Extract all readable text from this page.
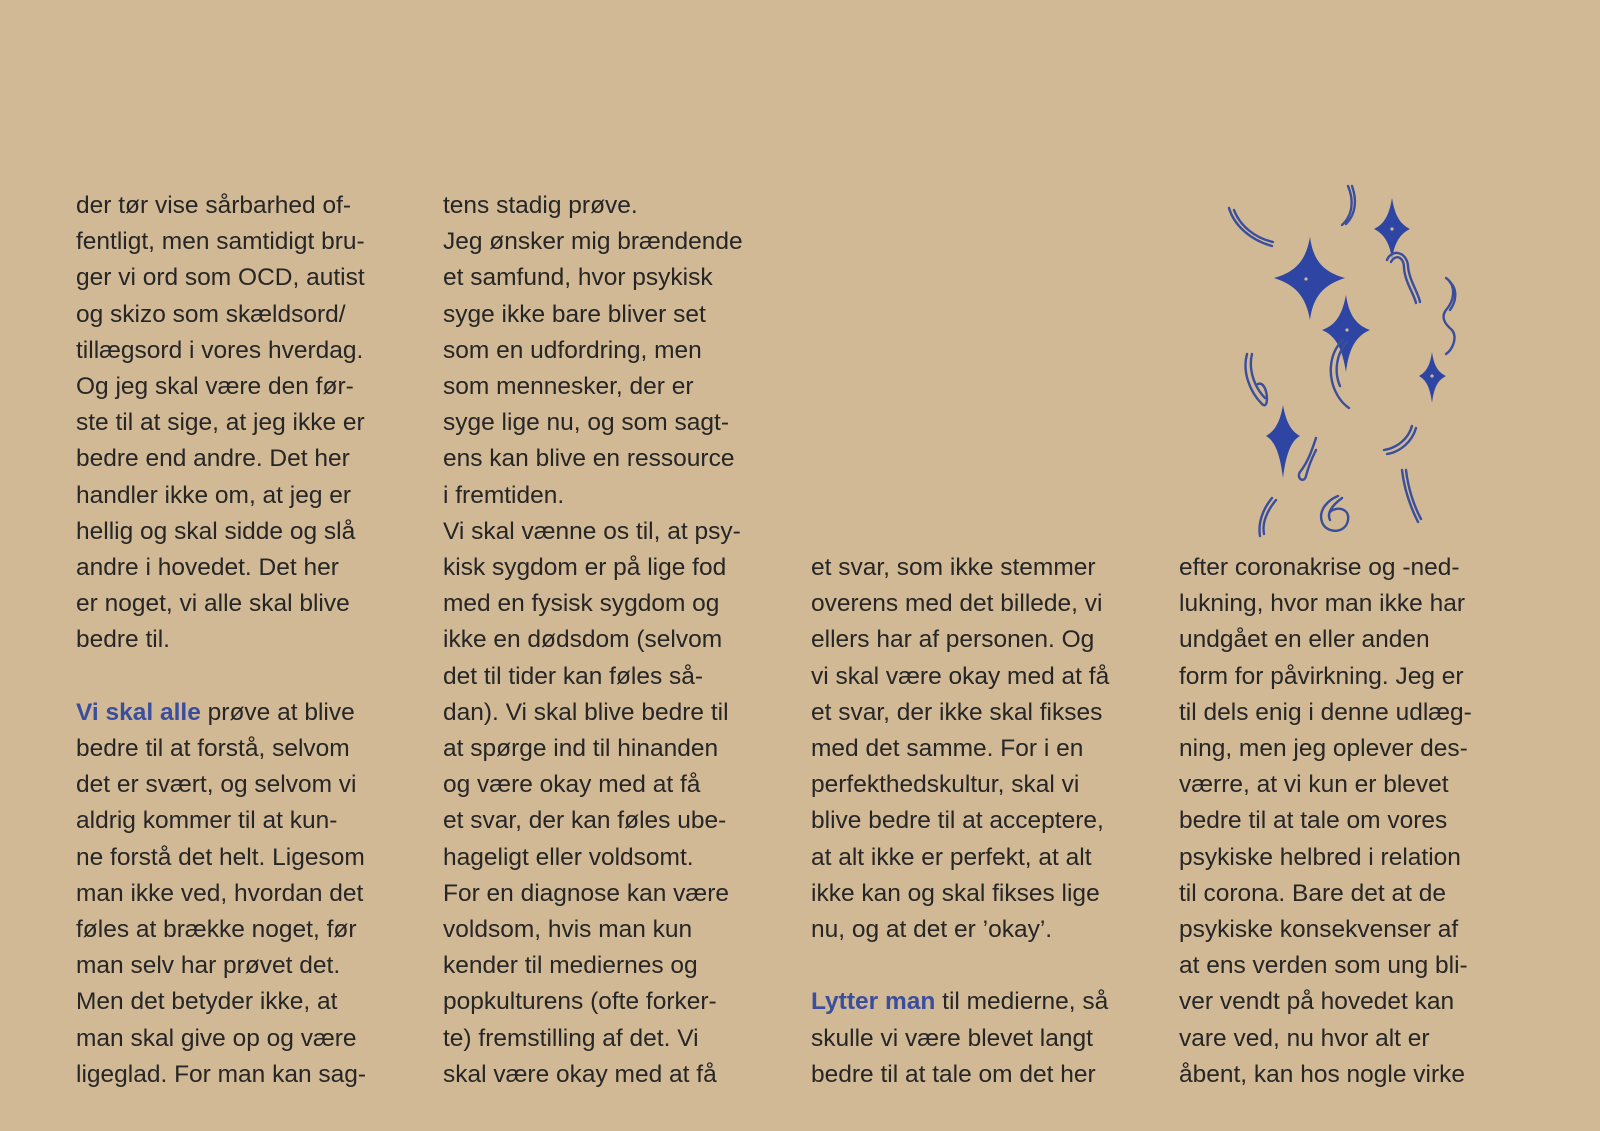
der tør vise sårbarhed of-
fentligt, men samtidigt bru-
ger vi ord som OCD, autist
og skizo som skældsord/
tillægsord i vores hverdag.
Og jeg skal være den før-
ste til at sige, at jeg ikke er
bedre end andre. Det her
handler ikke om, at jeg er
hellig og skal sidde og slå
andre i hovedet. Det her
er noget, vi alle skal blive
bedre til.
Vi skal alle prøve at blive
bedre til at forstå, selvom
det er svært, og selvom vi
aldrig kommer til at kun-
ne forstå det helt. Ligesom
man ikke ved, hvordan det
føles at brække noget, før
man selv har prøvet det.
Men det betyder ikke, at
man skal give op og være
ligeglad. For man kan sag-
tens stadig prøve.
Jeg ønsker mig brændende
et samfund, hvor psykisk
syge ikke bare bliver set
som en udfordring, men
som mennesker, der er
syge lige nu, og som sagt-
ens kan blive en ressource
i fremtiden.
Vi skal vænne os til, at psy-
kisk sygdom er på lige fod
med en fysisk sygdom og
ikke en dødsdom (selvom
det til tider kan føles så-
dan). Vi skal blive bedre til
at spørge ind til hinanden
og være okay med at få
et svar, der kan føles ube-
hageligt eller voldsomt.
For en diagnose kan være
voldsom, hvis man kun
kender til mediernes og
popkulturens (ofte forker-
te) fremstilling af det. Vi
skal være okay med at få
et svar, som ikke stemmer
overens med det billede, vi
ellers har af personen. Og
vi skal være okay med at få
et svar, der ikke skal fikses
med det samme. For i en
perfekthedskultur, skal vi
blive bedre til at acceptere,
at alt ikke er perfekt, at alt
ikke kan og skal fikses lige
nu, og at det er ’okay’.
Lytter man til medierne, så
skulle vi være blevet langt
bedre til at tale om det her
efter coronakrise og -ned-
lukning, hvor man ikke har
undgået en eller anden
form for påvirkning. Jeg er
til dels enig i denne udlæg-
ning, men jeg oplever des-
værre, at vi kun er blevet
bedre til at tale om vores
psykiske helbred i relation
til corona. Bare det at de
psykiske konsekvenser af
at ens verden som ung bli-
ver vendt på hovedet kan
vare ved, nu hvor alt er
åbent, kan hos nogle virke
